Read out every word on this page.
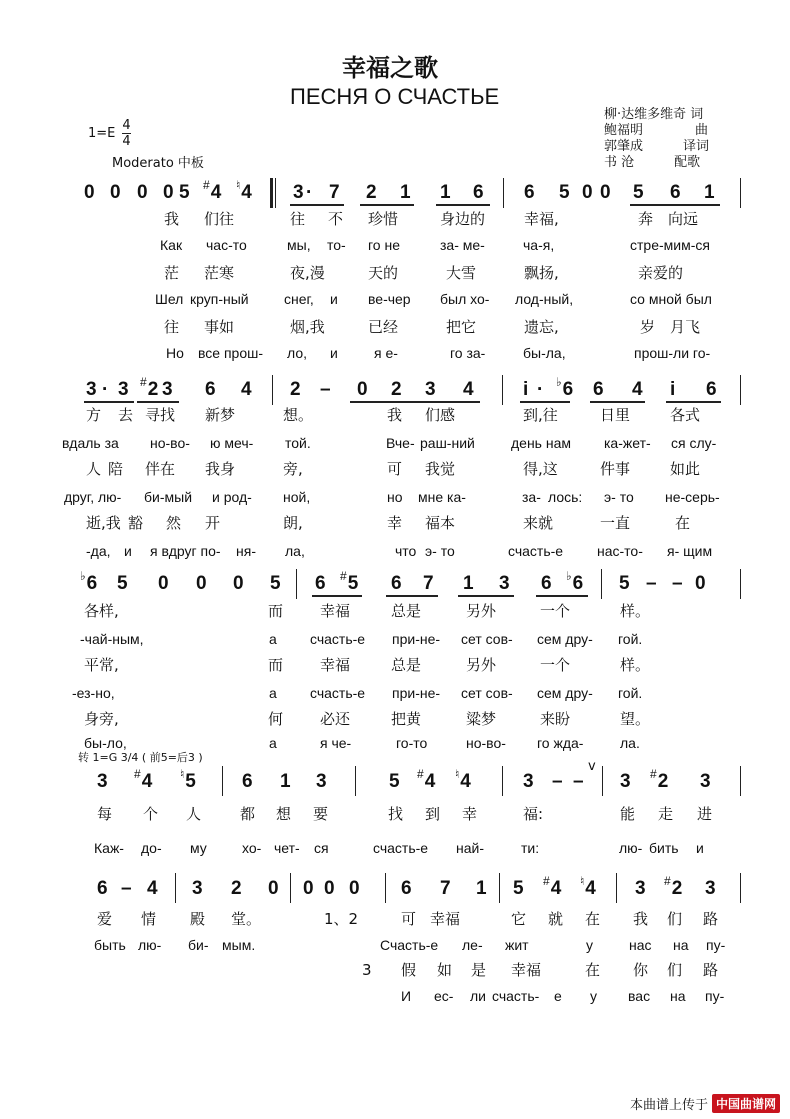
幸福之歌
ПЕСНЯ О СЧАСТЬЕ
1=E
4
4
Moderato 中板
柳·达维多维奇 词
鲍福明	曲
郭肇成	译词
书 沧	配歌
0 0 0 0 5 #4 ♮4 3 · 7 2 1 1 6 6 5 0 0 5 6 1
我 们往	往 不 珍惜	身边的	幸福,	奔 向远
Как час-то	мы, то- го не	за- ме-	ча-я,	стре-мим-ся
茫 茫寒	夜,漫	天的	大雪	飘扬,	亲爱的
Шел круп-ный	снег, и ве-чер был хо- лод-ный,	со мной был
往 事如	烟,我	已经	把它	遗忘,	岁 月飞
Но все прош- ло, и	я е-	го за-	бы-ла,	прош-ли го-
3 · 3 #2 3 6 4 2 – 0 2 3 4	i · ♭6 6 4 i 6
方 去 寻找 新梦	想。	我 们感	到,往	日里	各式
вдаль за но-во- ю меч- той.	Вче- раш-ний	день нам ка-жет- ся слу-
人 陪 伴在 我身	旁,	可 我觉	得,这	件事	如此
друг, лю- би-мый и род- ной,	но мне ка-	за- лось: э- то не-серь-
逝,我 豁 然 开	朗,	幸 福本	来就	一直	在
-да, и я вдруг по- ня- ла,	что э- то	счасть-е нас-то- я- щим
♭6 5 0 0 0 5 6 #5 6 7 1 3 6 ♭6 5 – – 0
各样,	而 幸福	总是	另外	一个	样。
-чай-ным,	а счасть-е при-не- сет сов- сем дру- гой.
平常,	而 幸福	总是	另外	一个	样。
-ез-но,	а счасть-е при-не- сет сов- сем дру- гой.
身旁,	何 必还	把黄	粱梦	来盼	望。
бы-ло,	а	я че-	го-то	но-во- го жда-	ла.
转 1=G 3/4 ( 前5=后3 )
3 #4 ♮5 6 1 3	5 #4 ♮4	3 – –
v
3 #2 3
每 个 人	都 想 要	找 到 幸	福:	能 走 进
Каж- до- му	хо- чет- ся	счасть-е най-	ти:	лю- бить и
6 – 4 3 2 0 0 0 0 6 7 1 5 #4 ♮4 3 #2 3
爱 情 殿 堂。	1、2	可 幸福	它 就 在 我 们 路
быть лю- би- мым.	Счасть-е ле- жит	у	нас на пу-
3 假 如 是 幸福	在 你 们 路
И ес- ли счасть- е у вас на пу-
本曲谱上传于 中国曲谱网
